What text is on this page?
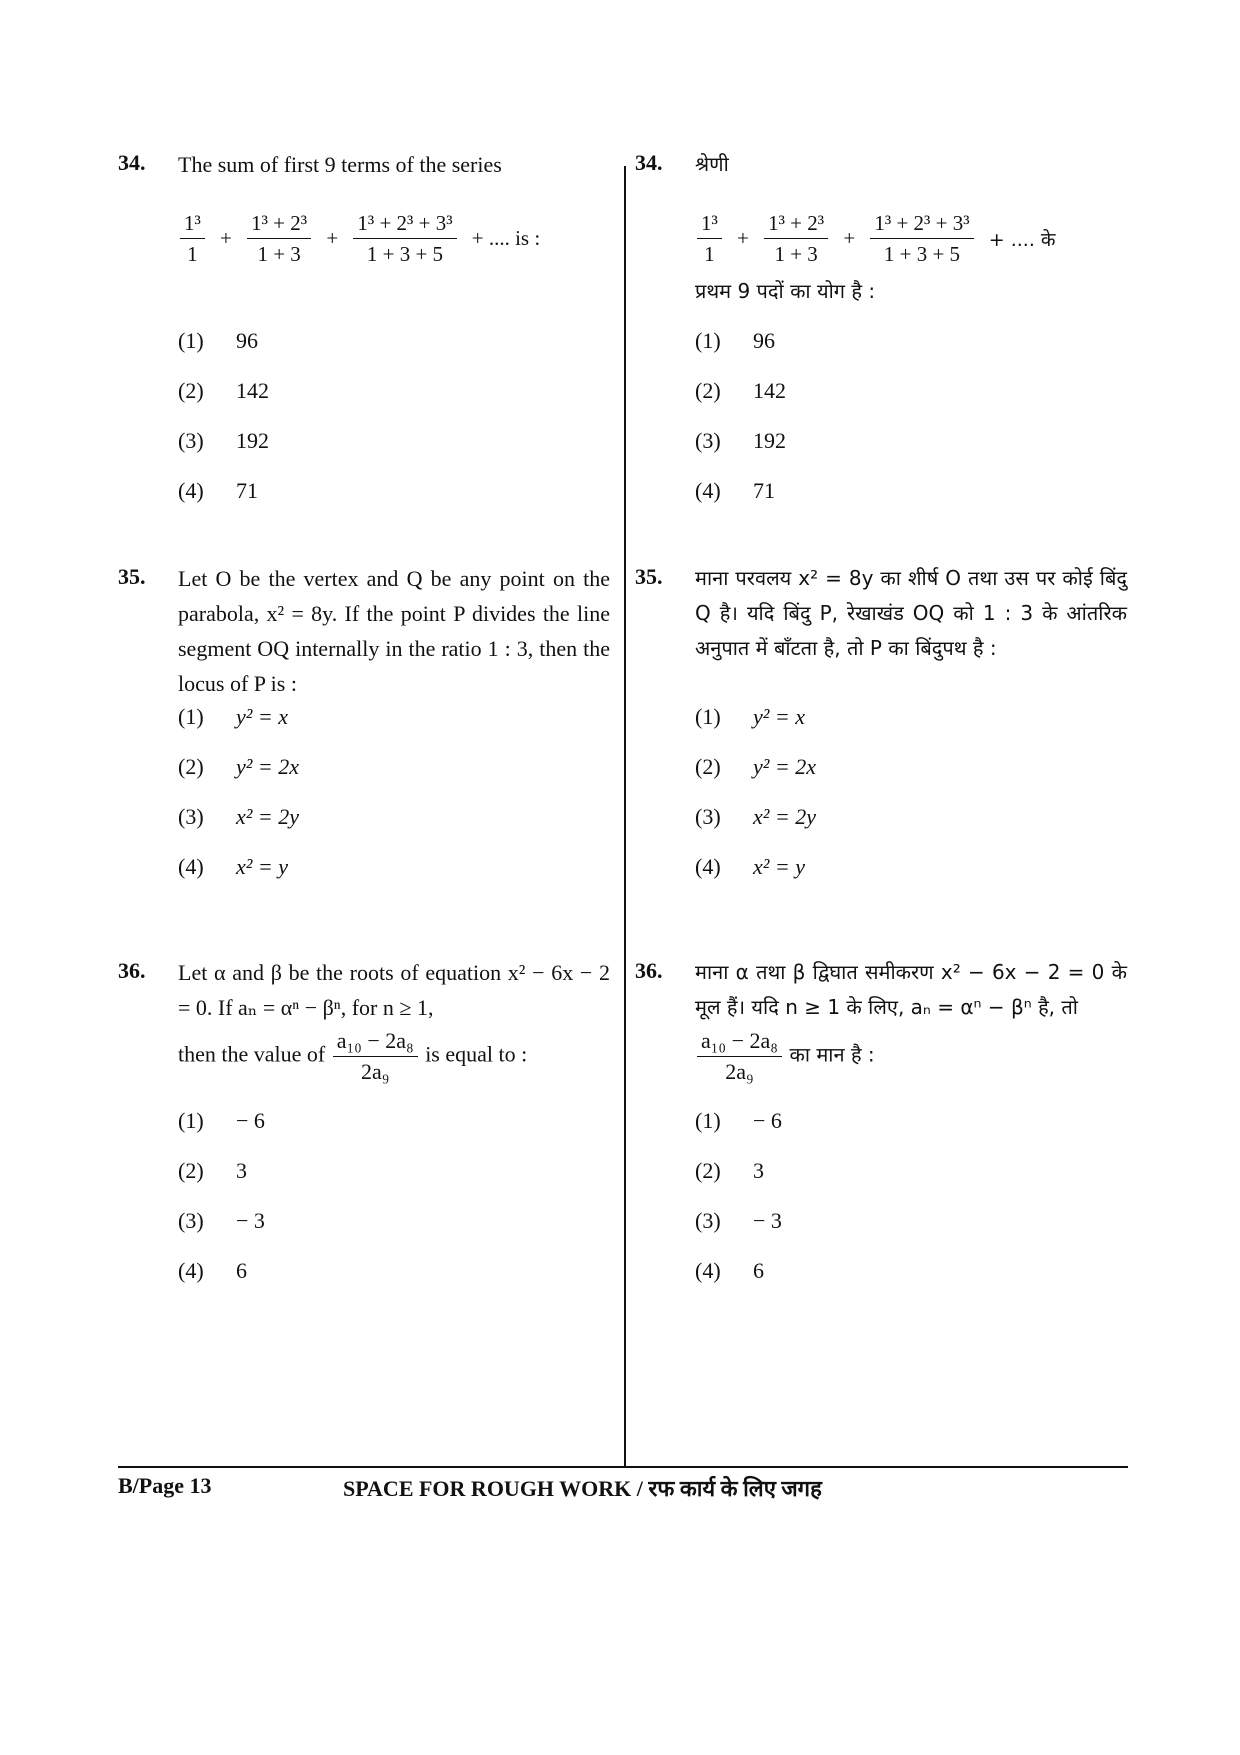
34. The sum of first 9 terms of the series
$\frac{\text{1³}}{1} + \frac{\text{1³ + 2³}}{1 + 3} + \frac{\text{1³ + 2³ + 3³}}{1 + 3 + 5}$ + .... is :
(1) 96
(2) 142
(3) 192
(4) 71
35. Let O be the vertex and Q be any point on the parabola, x² = 8y. If the point P divides the line segment OQ internally in the ratio 1 : 3, then the locus of P is :
(1) y² = x
(2) y² = 2x
(3) x² = 2y
(4) x² = y
36. Let α and β be the roots of equation x² − 6x − 2 = 0. If aₙ = αⁿ − βⁿ, for n ≥ 1,
then the value of $\frac{\text{a₁₀ − 2a₈}}{\text{2a₉}}$ is equal to :
(1) − 6
(2) 3
(3) − 3
(4) 6
34. श्रेणी
$\frac{\text{1³}}{1} + \frac{\text{1³ + 2³}}{1 + 3} + \frac{\text{1³ + 2³ + 3³}}{1 + 3 + 5}$ + .... के
प्रथम 9 पदों का योग है :
(1) 96
(2) 142
(3) 192
(4) 71
35. माना परवलय x² = 8y का शीर्ष O तथा उस पर कोई बिंदु Q है। यदि बिंदु P, रेखाखंड OQ को 1 : 3 के आंतरिक अनुपात में बाँटता है, तो P का बिंदुपथ है :
(1) y² = x
(2) y² = 2x
(3) x² = 2y
(4) x² = y
36. माना α तथा β द्विघात समीकरण x² − 6x − 2 = 0 के मूल हैं। यदि n ≥ 1 के लिए, aₙ = αⁿ − βⁿ है, तो
$\frac{\text{a₁₀ − 2a₈}}{\text{2a₉}}$ का मान है :
(1) − 6
(2) 3
(3) − 3
(4) 6
B/Page 13	SPACE FOR ROUGH WORK / रफ कार्य के लिए जगह
